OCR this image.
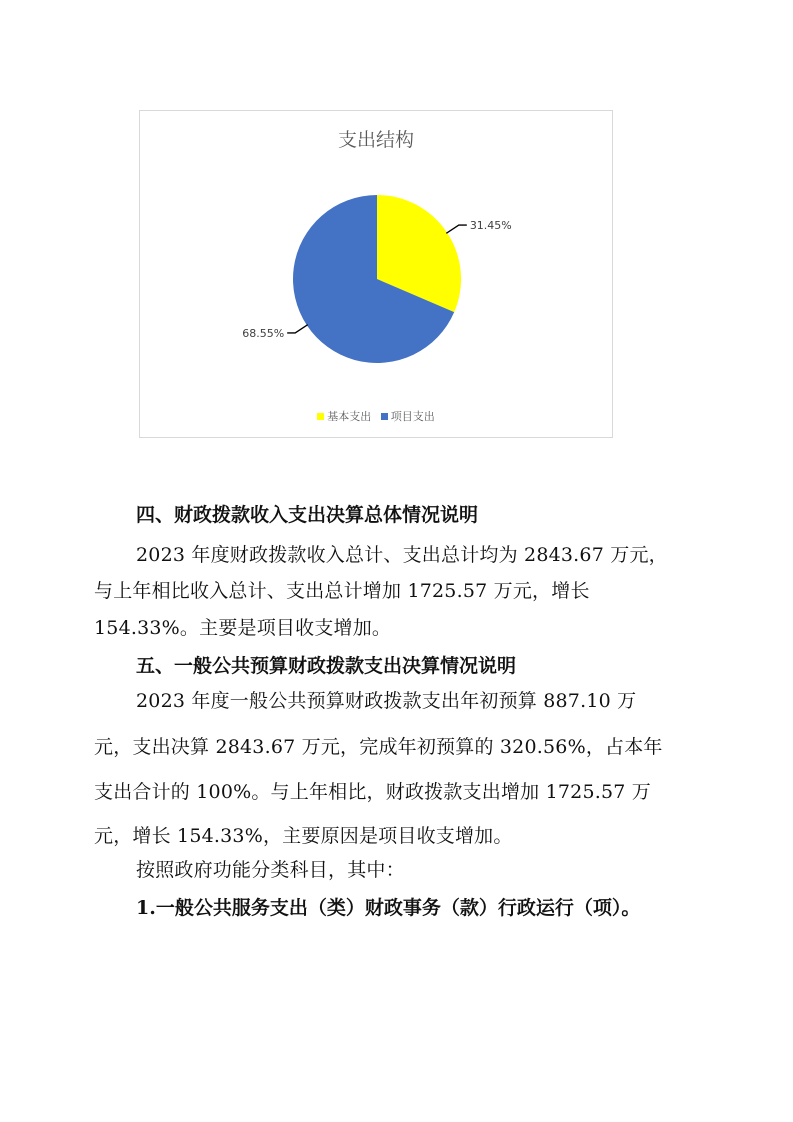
31.45%
68.55%
支出结构
基本支出 项目支出
四、财政拨款收入支出决算总体情况说明
2023 年度财政拨款收入总计、支出总计均为 2843.67 万元，
与上年相比收入总计、支出总计增加 1725.57 万元，增长
154.33%。主要是项目收支增加。
五、一般公共预算财政拨款支出决算情况说明
2023 年度一般公共预算财政拨款支出年初预算 887.10 万
元，支出决算 2843.67 万元，完成年初预算的 320.56%，占本年
支出合计的 100%。与上年相比，财政拨款支出增加 1725.57 万
元，增长 154.33%，主要原因是项目收支增加。
按照政府功能分类科目，其中：
1.一般公共服务支出（类）财政事务（款）行政运行（项）。
